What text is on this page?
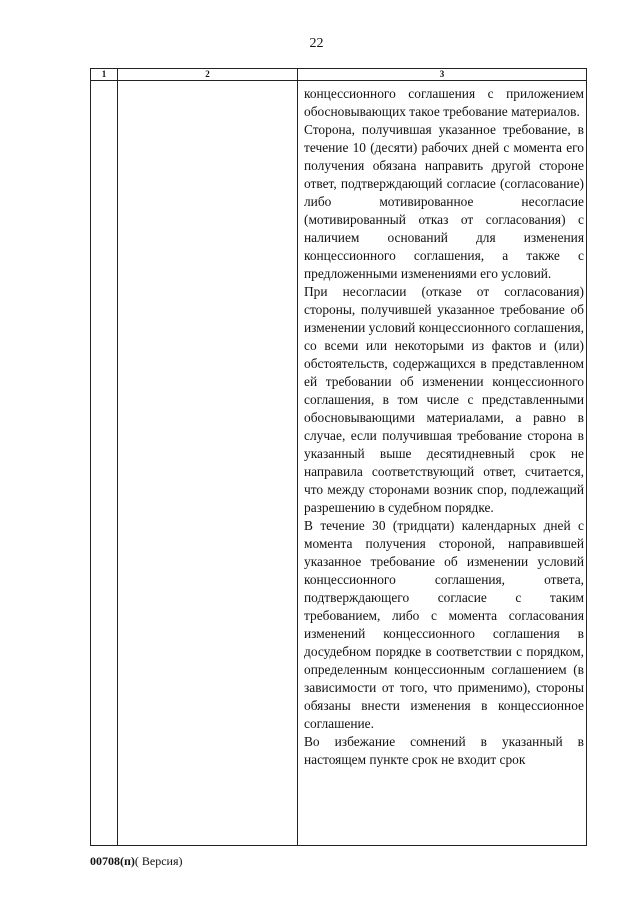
22
1	2	3

		концессионного соглашения с приложением обосновывающих такое требование материалов.

Сторона, получившая указанное требование, в течение 10 (десяти) рабочих дней с момента его получения обязана направить другой стороне ответ, подтверждающий согласие (согласование) либо мотивированное несогласие (мотивированный отказ от согласования) с наличием оснований для изменения концессионного соглашения, а также с предложенными изменениями его условий.

При несогласии (отказе от согласования) стороны, получившей указанное требование об изменении условий концессионного соглашения, со всеми или некоторыми из фактов и (или) обстоятельств, содержащихся в представленном ей требовании об изменении концессионного соглашения, в том числе с представленными обосновывающими материалами, а равно в случае, если получившая требование сторона в указанный выше десятидневный срок не направила соответствующий ответ, считается, что между сторонами возник спор, подлежащий разрешению в судебном порядке.

В течение 30 (тридцати) календарных дней с момента получения стороной, направившей указанное требование об изменении условий концессионного соглашения, ответа, подтверждающего согласие с таким требованием, либо с момента согласования изменений концессионного соглашения в досудебном порядке в соответствии с порядком, определенным концессионным соглашением (в зависимости от того, что применимо), стороны обязаны внести изменения в концессионное соглашение.

Во избежание сомнений в указанный в настоящем пункте срок не входит срок

00708(п)( Версия)
